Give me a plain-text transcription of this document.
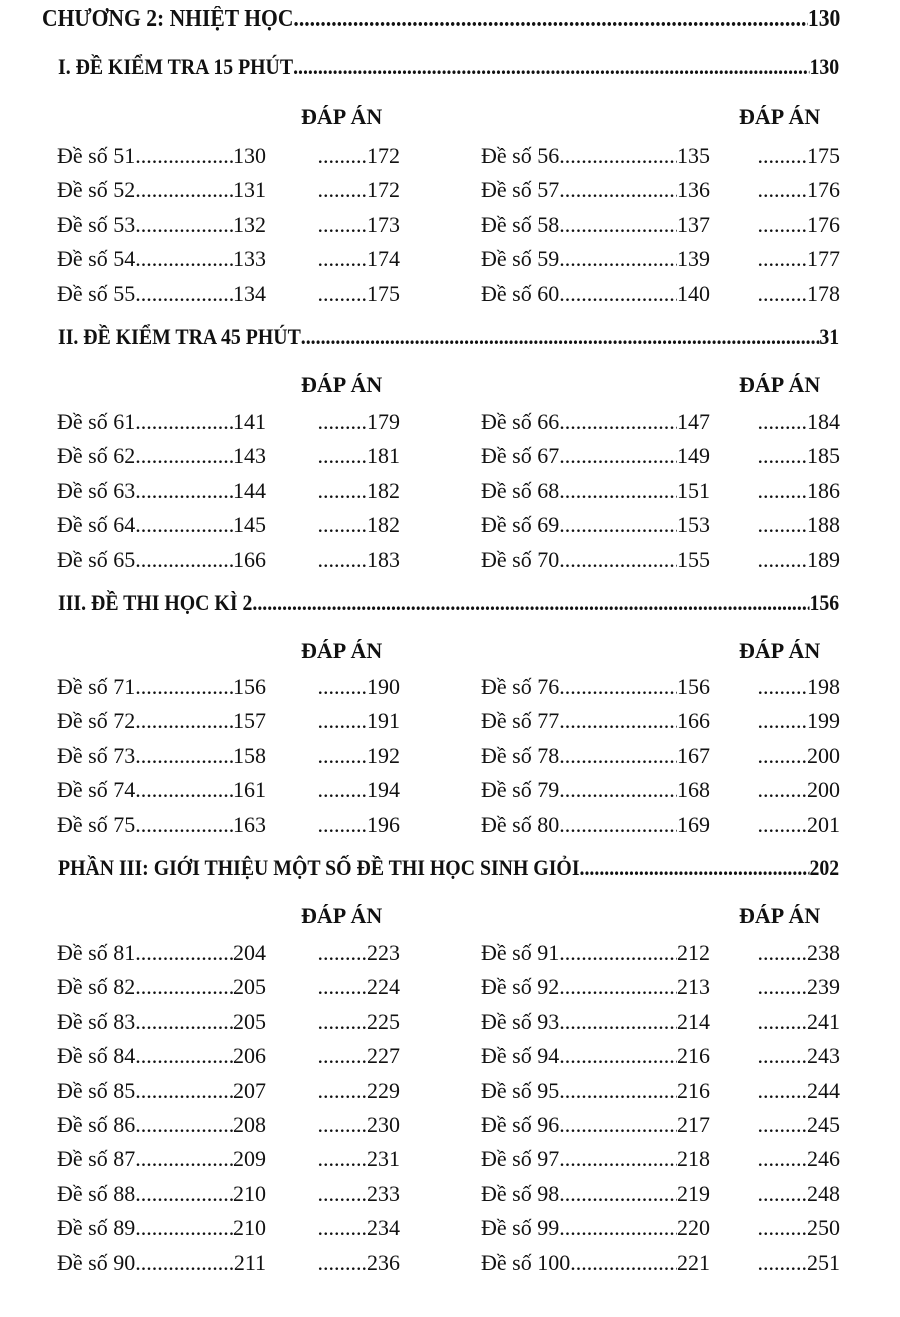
CHƯƠNG 2: NHIỆT HỌC .....	130
I. ĐỀ KIỂM TRA 15 PHÚT .....	130
ĐÁP ÁN
Đề số 51 .....	130 .....	172
Đề số 52 .....	131 .....	172
Đề số 53 .....	132 .....	173
Đề số 54 .....	133 .....	174
Đề số 55 .....	134 .....	175
ĐÁP ÁN
Đề số 56 .....	135 .....	175
Đề số 57 .....	136 .....	176
Đề số 58 .....	137 .....	176
Đề số 59 .....	139 .....	177
Đề số 60 .....	140 .....	178
II. ĐỀ KIỂM TRA 45 PHÚT .....	31
ĐÁP ÁN
Đề số 61 .....	141 .....	179
Đề số 62 .....	143 .....	181
Đề số 63 .....	144 .....	182
Đề số 64 .....	145 .....	182
Đề số 65 .....	166 .....	183
ĐÁP ÁN
Đề số 66 .....	147 .....	184
Đề số 67 .....	149 .....	185
Đề số 68 .....	151 .....	186
Đề số 69 .....	153 .....	188
Đề số 70 .....	155 .....	189
III. ĐỀ THI HỌC KÌ 2 .....	156
ĐÁP ÁN
Đề số 71 .....	156 .....	190
Đề số 72 .....	157 .....	191
Đề số 73 .....	158 .....	192
Đề số 74 .....	161 .....	194
Đề số 75 .....	163 .....	196
ĐÁP ÁN
Đề số 76 .....	156 .....	198
Đề số 77 .....	166 .....	199
Đề số 78 .....	167 .....	200
Đề số 79 .....	168 .....	200
Đề số 80 .....	169 .....	201
PHẦN III: GIỚI THIỆU MỘT SỐ ĐỀ THI HỌC SINH GIỎI .....	202
ĐÁP ÁN
Đề số 81 .....	204 .....	223
Đề số 82 .....	205 .....	224
Đề số 83 .....	205 .....	225
Đề số 84 .....	206 .....	227
Đề số 85 .....	207 .....	229
Đề số 86 .....	208 .....	230
Đề số 87 .....	209 .....	231
Đề số 88 .....	210 .....	233
Đề số 89 .....	210 .....	234
Đề số 90 .....	211 .....	236
ĐÁP ÁN
Đề số 91 .....	212 .....	238
Đề số 92 .....	213 .....	239
Đề số 93 .....	214 .....	241
Đề số 94 .....	216 .....	243
Đề số 95 .....	216 .....	244
Đề số 96 .....	217 .....	245
Đề số 97 .....	218 .....	246
Đề số 98 .....	219 .....	248
Đề số 99 .....	220 .....	250
Đề số 100 .....	221 .....	251
